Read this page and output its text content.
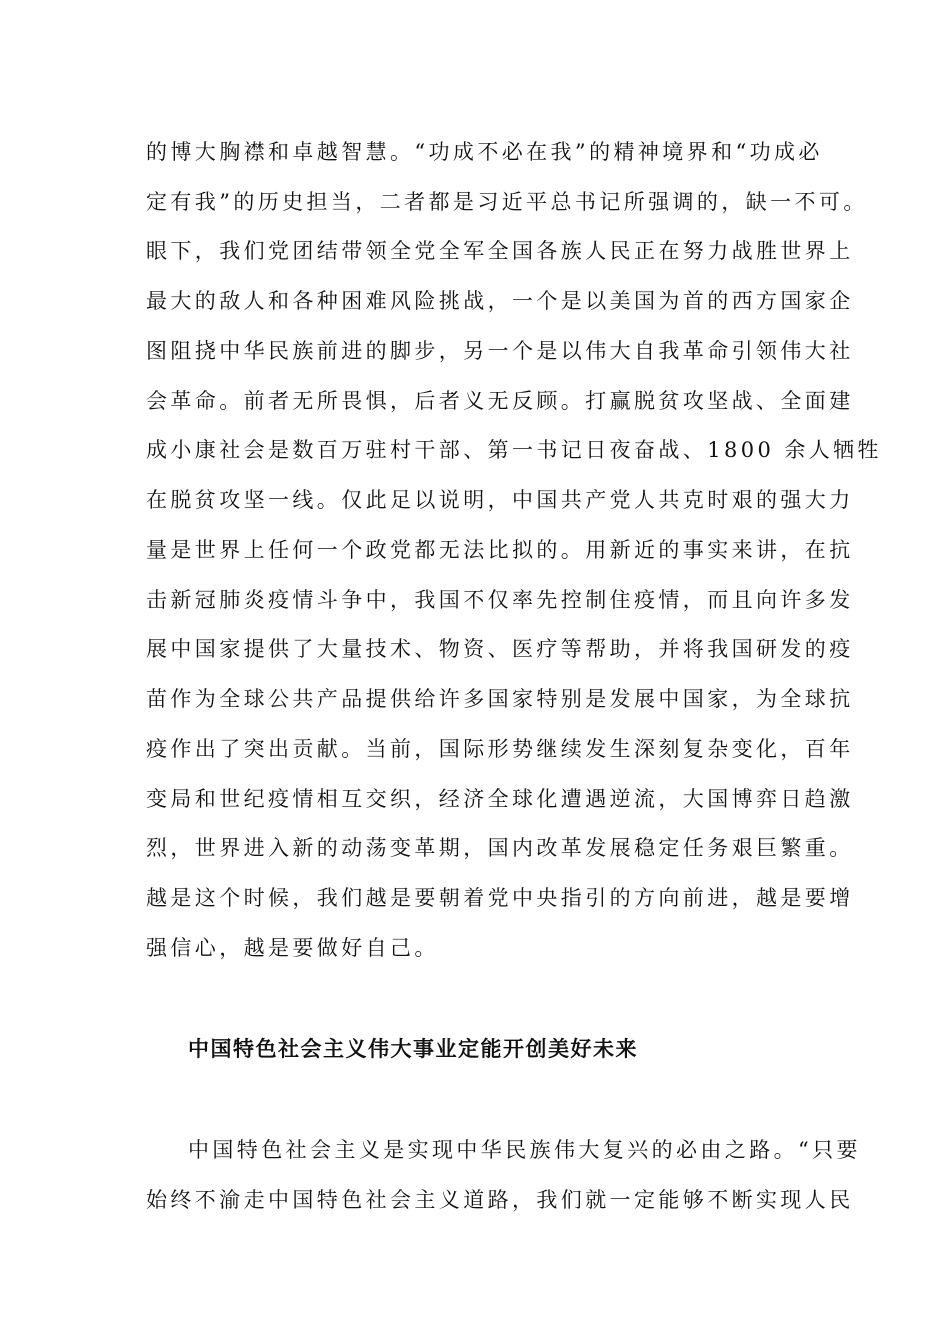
的博大胸襟和卓越智慧。“功成不必在我”的精神境界和“功成必
定有我”的历史担当，二者都是习近平总书记所强调的，缺一不可。
眼下，我们党团结带领全党全军全国各族人民正在努力战胜世界上
最大的敌人和各种困难风险挑战，一个是以美国为首的西方国家企
图阻挠中华民族前进的脚步，另一个是以伟大自我革命引领伟大社
会革命。前者无所畏惧，后者义无反顾。打赢脱贫攻坚战、全面建
成小康社会是数百万驻村干部、第一书记日夜奋战、1800 余人牺牲
在脱贫攻坚一线。仅此足以说明，中国共产党人共克时艰的强大力
量是世界上任何一个政党都无法比拟的。用新近的事实来讲，在抗
击新冠肺炎疫情斗争中，我国不仅率先控制住疫情，而且向许多发
展中国家提供了大量技术、物资、医疗等帮助，并将我国研发的疫
苗作为全球公共产品提供给许多国家特别是发展中国家，为全球抗
疫作出了突出贡献。当前，国际形势继续发生深刻复杂变化，百年
变局和世纪疫情相互交织，经济全球化遭遇逆流，大国博弈日趋激
烈，世界进入新的动荡变革期，国内改革发展稳定任务艰巨繁重。
越是这个时候，我们越是要朝着党中央指引的方向前进，越是要增
强信心，越是要做好自己。
中国特色社会主义伟大事业定能开创美好未来
中国特色社会主义是实现中华民族伟大复兴的必由之路。“只要
始终不渝走中国特色社会主义道路，我们就一定能够不断实现人民
